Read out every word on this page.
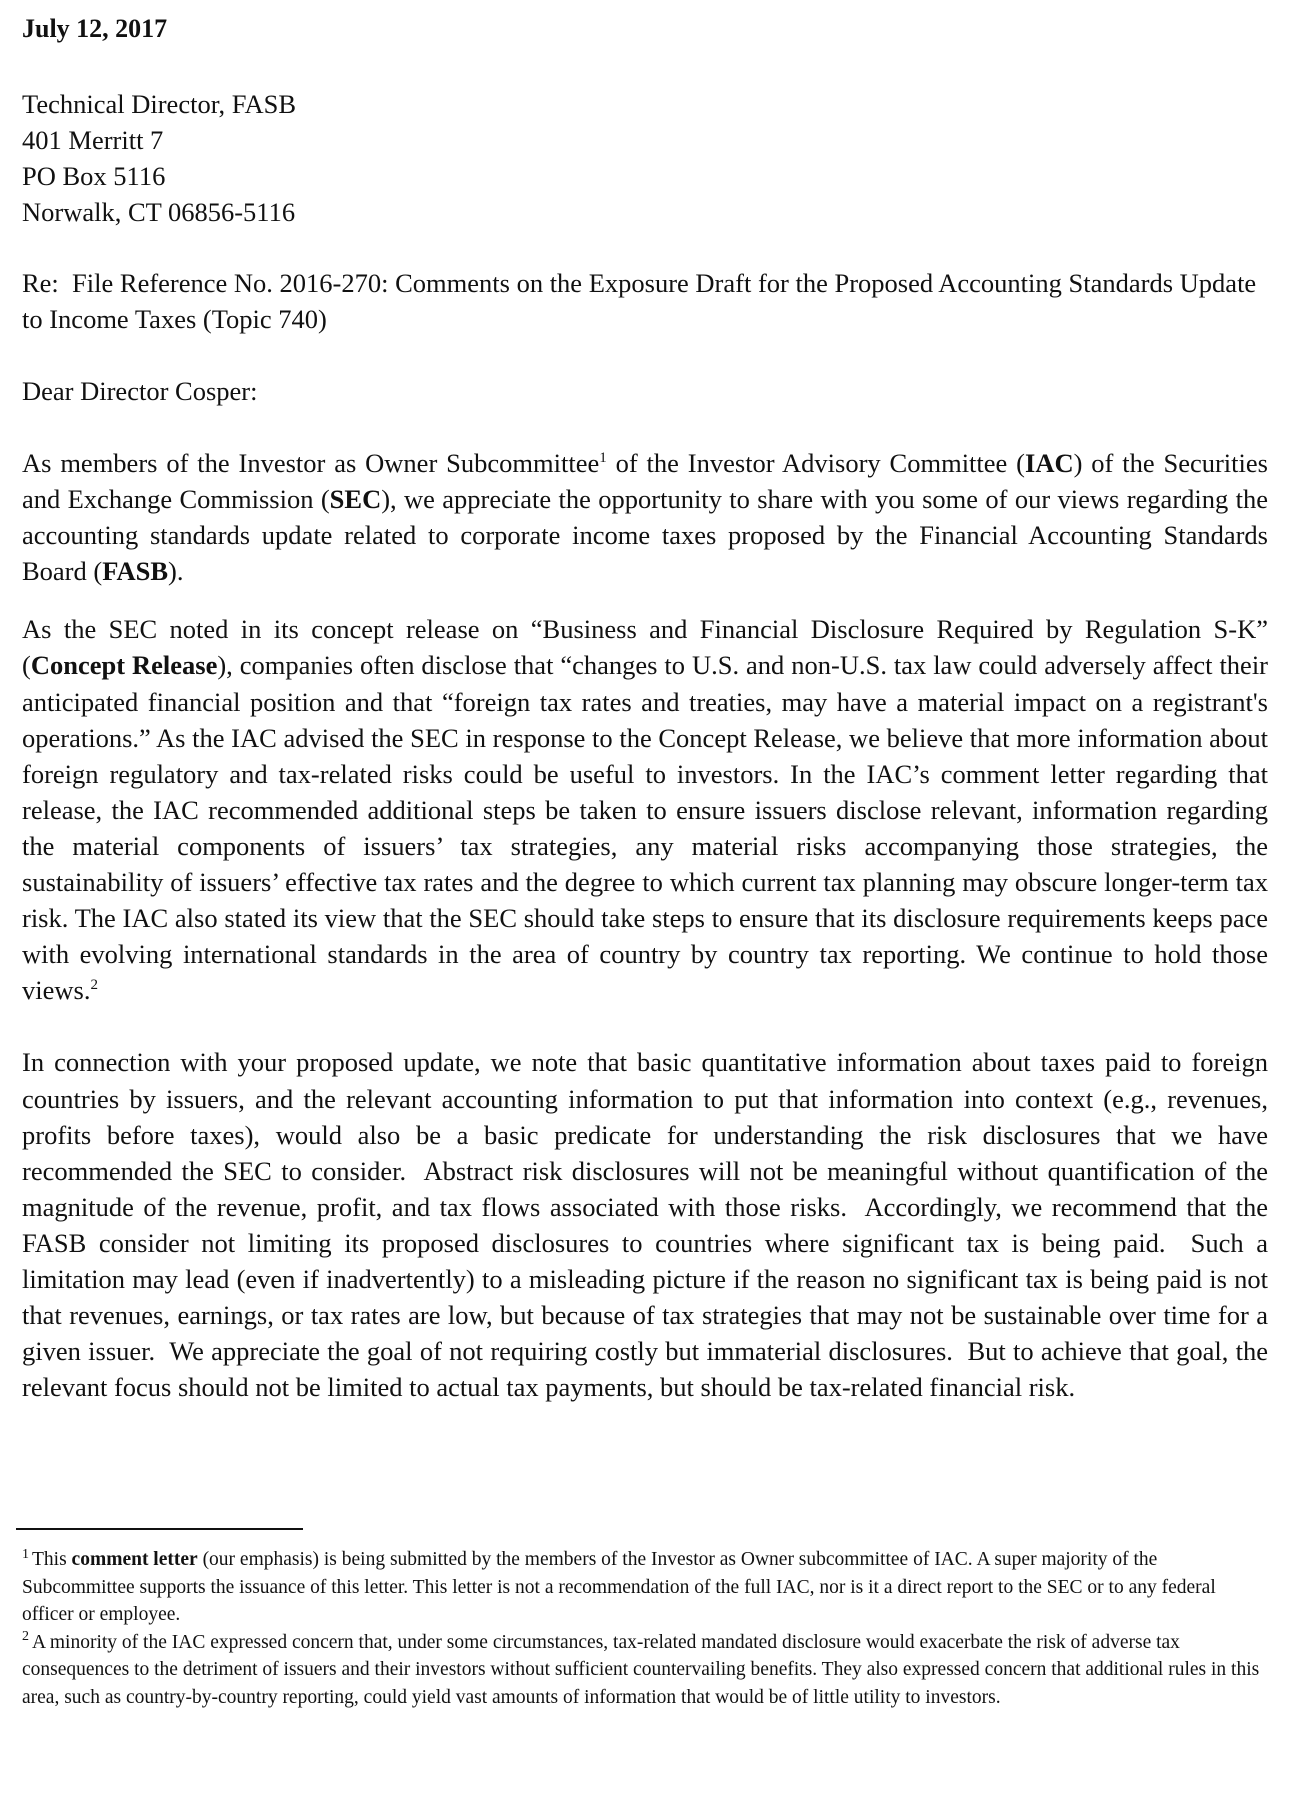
July 12, 2017

Technical Director, FASB
401 Merritt 7
PO Box 5116
Norwalk, CT 06856-5116
Re:  File Reference No. 2016-270: Comments on the Exposure Draft for the Proposed Accounting Standards Update to Income Taxes (Topic 740)
Dear Director Cosper:

As members of the Investor as Owner Subcommittee$^1$ of the Investor Advisory Committee (IAC) of the Securities and Exchange Commission (SEC), we appreciate the opportunity to share with you some of our views regarding the accounting standards update related to corporate income taxes proposed by the Financial Accounting Standards Board (FASB).

As the SEC noted in its concept release on “Business and Financial Disclosure Required by Regulation S-K” (Concept Release), companies often disclose that “changes to U.S. and non-U.S. tax law could adversely affect their anticipated financial position and that “foreign tax rates and treaties, may have a material impact on a registrant's operations.” As the IAC advised the SEC in response to the Concept Release, we believe that more information about foreign regulatory and tax-related risks could be useful to investors. In the IAC’s comment letter regarding that release, the IAC recommended additional steps be taken to ensure issuers disclose relevant, information regarding the material components of issuers’ tax strategies, any material risks accompanying those strategies, the sustainability of issuers’ effective tax rates and the degree to which current tax planning may obscure longer-term tax risk. The IAC also stated its view that the SEC should take steps to ensure that its disclosure requirements keeps pace with evolving international standards in the area of country by country tax reporting. We continue to hold those views.$^2$

In connection with your proposed update, we note that basic quantitative information about taxes paid to foreign countries by issuers, and the relevant accounting information to put that information into context (e.g., revenues, profits before taxes), would also be a basic predicate for understanding the risk disclosures that we have recommended the SEC to consider.  Abstract risk disclosures will not be meaningful without quantification of the magnitude of the revenue, profit, and tax flows associated with those risks.  Accordingly, we recommend that the FASB consider not limiting its proposed disclosures to countries where significant tax is being paid.  Such a limitation may lead (even if inadvertently) to a misleading picture if the reason no significant tax is being paid is not that revenues, earnings, or tax rates are low, but because of tax strategies that may not be sustainable over time for a given issuer.  We appreciate the goal of not requiring costly but immaterial disclosures.  But to achieve that goal, the relevant focus should not be limited to actual tax payments, but should be tax-related financial risk.

$^1$ This comment letter (our emphasis) is being submitted by the members of the Investor as Owner subcommittee of IAC. A super majority of the Subcommittee supports the issuance of this letter. This letter is not a recommendation of the full IAC, nor is it a direct report to the SEC or to any federal officer or employee.

$^2$ A minority of the IAC expressed concern that, under some circumstances, tax-related mandated disclosure would exacerbate the risk of adverse tax consequences to the detriment of issuers and their investors without sufficient countervailing benefits. They also expressed concern that additional rules in this area, such as country-by-country reporting, could yield vast amounts of information that would be of little utility to investors.
